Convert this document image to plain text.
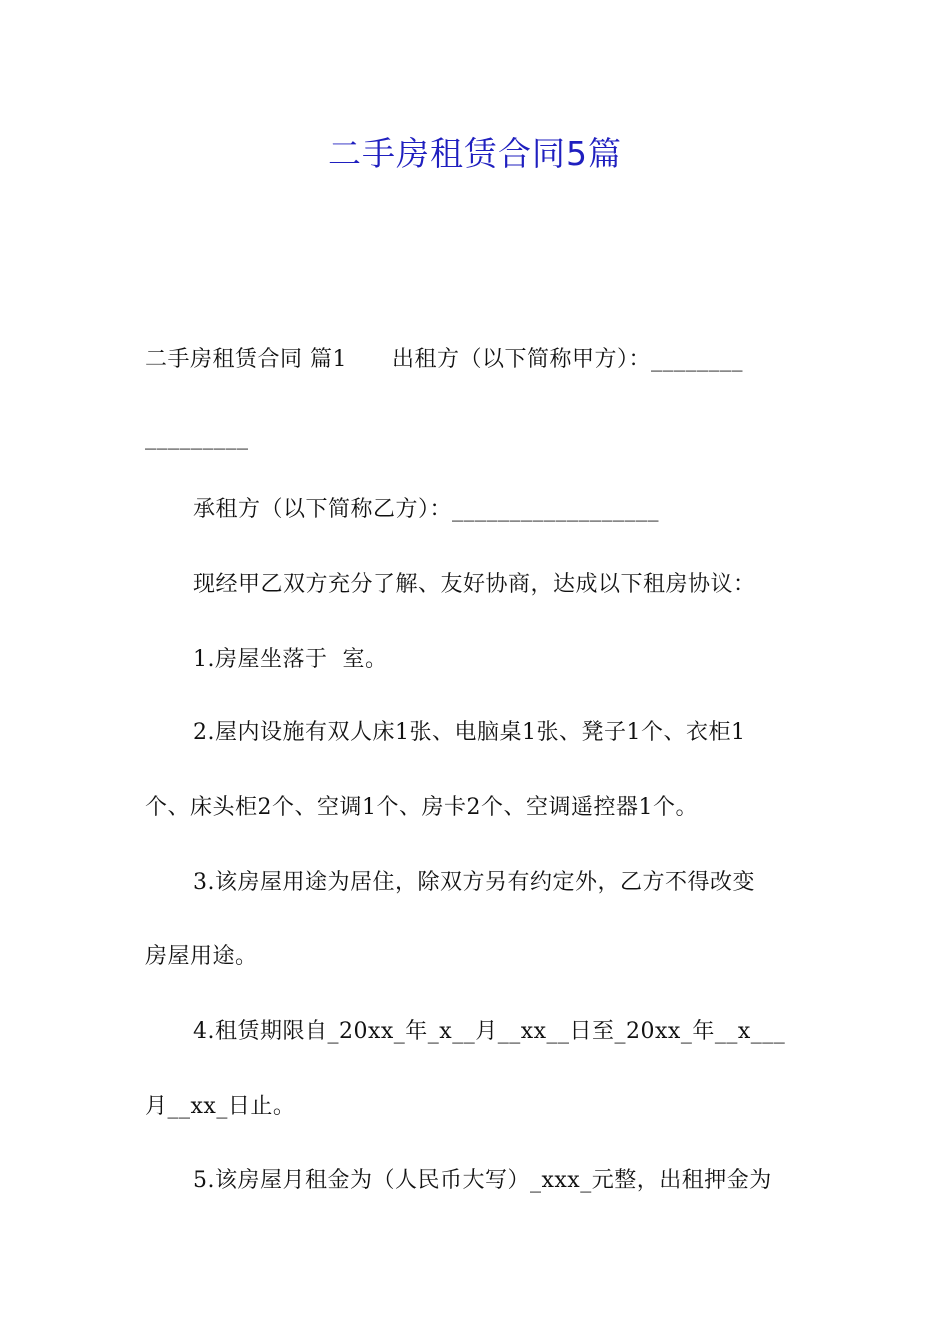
二手房租赁合同5篇
二手房租赁合同 篇1　　出租方（以下简称甲方）：________
_________
承租方（以下简称乙方）：__________________
现经甲乙双方充分了解、友好协商，达成以下租房协议：
1.房屋坐落于  室。
2.屋内设施有双人床1张、电脑桌1张、凳子1个、衣柜1
个、床头柜2个、空调1个、房卡2个、空调遥控器1个。
3.该房屋用途为居住，除双方另有约定外，乙方不得改变
房屋用途。
4.租赁期限自_20xx_年_x__月__xx__日至_20xx_年__x___
月__xx_日止。
5.该房屋月租金为（人民币大写）_xxx_元整，出租押金为
